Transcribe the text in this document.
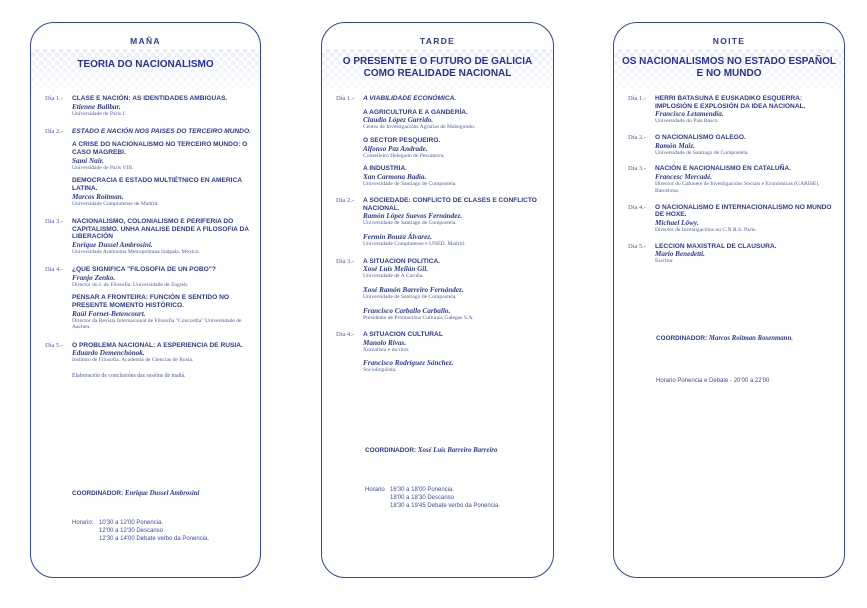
MAÑA
TEORIA DO NACIONALISMO
Día 1.-	CLASE E NACIÓN: AS IDENTIDADES AMBIGUAS.
Etienne Balibar.
Universidade de Paris I.
Día 2.-	ESTADO E NACIÓN NOS PAISES DO TERCEIRO MUNDO.
A CRISE DO NACIONALISMO NO TERCEIRO MUNDO: O CASO MAGREBI.
Sami Nair.
Universidade de Paris VIII.
DEMOCRACIA E ESTADO MULTIÉTNICO EN AMERICA LATINA.
Marcos Roitman.
Universidade Complutense de Madrid.
Día 3.-	NACIONALISMO, COLONIALISMO E PERIFERIA DO CAPITALISMO. UNHA ANALISE DENDE A FILOSOFIA DA LIBERACIÓN
Enrique Dussel Ambrosini.
Universidade Autónoma Metropolitana Izatpala. México.
Día 4.-	¿QUE SIGNIFICA "FILOSOFIA DE UN POBO"?
Franjo Zenko.
Director do I. de Filosofía. Universidade de Zagreb.
PENSAR A FRONTEIRA: FUNCIÓN E SENTIDO NO PRESENTE MOMENTO HISTÓRICO.
Raúl Fornet-Betencourt.
Director da Revista Internacional de Filosofía "Concordia" Universidade de Aachen.
Día 5.-	O PROBLEMA NACIONAL: A ESPERIENCIA DE RUSIA.
Eduardo Demenchónok.
Instituto de Filosofía. Academia de Ciencias de Rusia.
Elaboración de conclusións das sesións de mañá.
COORDINADOR: Enrique Dussel Ambrosini
Horario: 10'30 a 12'00 Ponencia.
12'00 a 12'30 Descanso
12'30 a 14'00 Debate verbo da Ponencia.
TARDE
O PRESENTE E O FUTURO DE GALICIA COMO REALIDADE NACIONAL
Día 1.-	A VIABILIDADE ECONÓMICA.
A AGRICULTURA E A GANDERÍA.
Claudio López Garrido.
Centro de Investigacións Agrarias de Mabegondo.
O SECTOR PESQUEIRO.
Alfonso Paz Andrade.
Conselleiro Delegado de Pescanova.
A INDUSTRIA.
Xan Carmona Badía.
Universidade de Santiago de Compostela.
Día 2.-	A SOCIEDADE: CONFLICTO DE CLASES E CONFLICTO NACIONAL.
Ramón López Suevos Fernández.
Universidade de Santiago de Compostela.
Fermín Bouza Álvarez.
Universidade Complutense e UNED. Madrid.
Día 3.-	A SITUACION POLITICA.
Xosé Luís Meilán Gil.
Universidade de A Coruña.
Xosé Ramón Barreiro Fernández.
Universidade de Santiago de Compostela.
Francisco Carballo Carballo.
Presidente de Promocións Culturais Galegas S.A.
Día 4.-	A SITUACION CULTURAL
Manolo Rivas.
Xornalista e escritor.
Francisco Rodríguez Sánchez.
Sociolingüista.
COORDINADOR: Xosé Luís Barreiro Barreiro
Horario 16'30 a 18'00 Ponencia.
18'00 a 18'30 Descanso
18'30 a 19'45 Debate verbo da Ponencia.
NOITE
OS NACIONALISMOS NO ESTADO ESPAÑOL E NO MUNDO
Día 1.-	HERRI BATASUNA E EUSKADIKO ESQUERRA: IMPLOSIÓN E EXPLOSIÓN DA IDEA NACIONAL.
Francisco Letamendía.
Universidade do País Basco.
Día 2.-	O NACIONALISMO GALEGO.
Ramón Maiz.
Universidade de Santiago de Compostela.
Día 3.-	NACIÓN E NACIONALISMO EN CATALUÑA.
Francesc Mercadé.
Director do Gabinete de Investigacións Sociais e Económicas (GARISE). Barcelona.
Día 4.-	O NACIONALISMO E INTERNACIONALISMO NO MUNDO DE HOXE.
Michael Löwy.
Director de Investigacións no C.N.R.S. Paris.
Día 5.-	LECCION MAXISTRAL DE CLAUSURA.
Mario Benedetti.
Escritor.
COORDINADOR: Marcos Roitman Rosenmann.
Horario Ponencia e Debate - 20'00 a 22'00
